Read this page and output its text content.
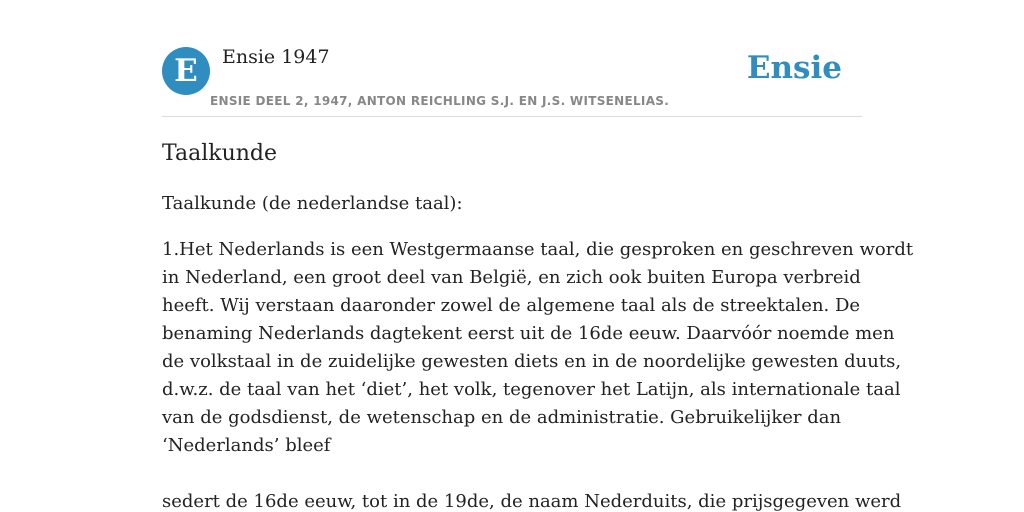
E	Ensie 1947
ENSIE DEEL 2, 1947, ANTON REICHLING S.J. EN J.S. WITSENELIAS.
Ensie
Taalkunde

Taalkunde (de nederlandse taal):

1.Het Nederlands is een Westgermaanse taal, die gesproken en geschreven wordt
in Nederland, een groot deel van België, en zich ook buiten Europa verbreid
heeft. Wij verstaan daaronder zowel de algemene taal als de streektalen. De
benaming Nederlands dagtekent eerst uit de 16de eeuw. Daarvóór noemde men
de volkstaal in de zuidelijke gewesten diets en in de noordelijke gewesten duuts,
d.w.z. de taal van het ‘diet’, het volk, tegenover het Latijn, als internationale taal
van de godsdienst, de wetenschap en de administratie. Gebruikelijker dan
‘Nederlands’ bleef

sedert de 16de eeuw, tot in de 19de, de naam Nederduits, die prijsgegeven werd
